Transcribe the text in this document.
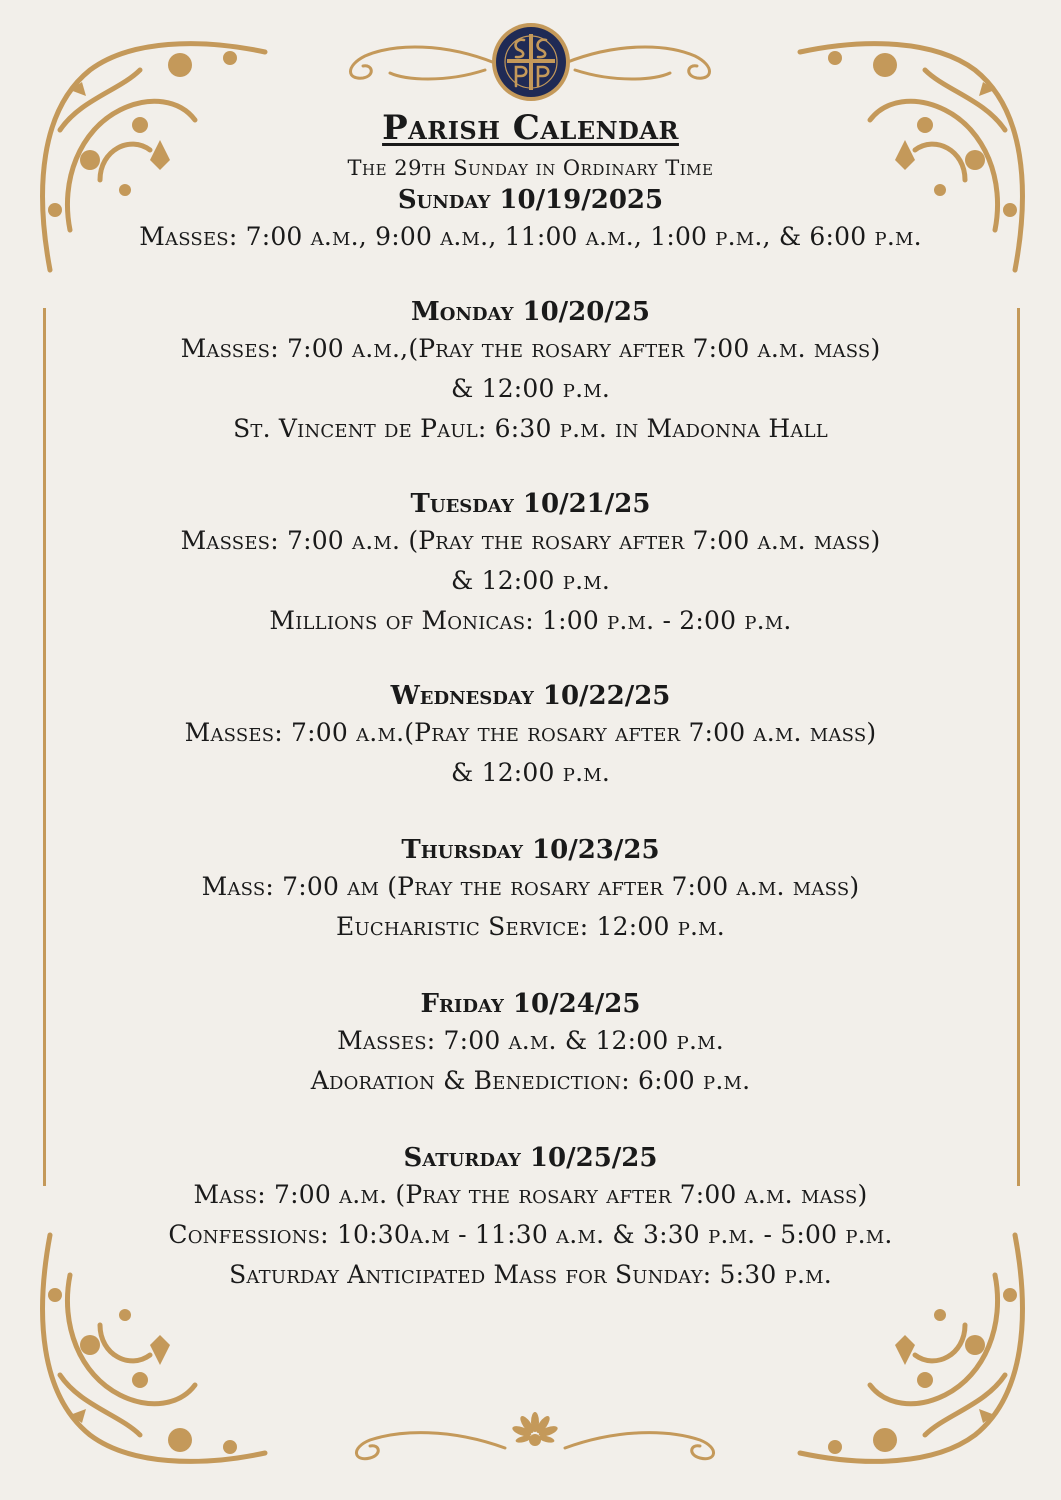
Parish Calendar
The 29th Sunday in Ordinary Time
Sunday 10/19/2025
Masses: 7:00 a.m., 9:00 a.m., 11:00 a.m., 1:00 p.m., & 6:00 p.m.
Monday 10/20/25
Masses: 7:00 a.m.,(Pray the rosary after 7:00 a.m. mass)
& 12:00 p.m.
St. Vincent de Paul: 6:30 p.m. in Madonna Hall
Tuesday 10/21/25
Masses: 7:00 a.m. (Pray the rosary after 7:00 a.m. mass)
& 12:00 p.m.
Millions of Monicas: 1:00 p.m. - 2:00 p.m.
Wednesday 10/22/25
Masses: 7:00 a.m.(Pray the rosary after 7:00 a.m. mass)
& 12:00 p.m.
Thursday 10/23/25
Mass: 7:00 am (Pray the rosary after 7:00 a.m. mass)
Eucharistic Service: 12:00 p.m.
Friday 10/24/25
Masses: 7:00 a.m. & 12:00 p.m.
Adoration & Benediction: 6:00 p.m.
Saturday 10/25/25
Mass: 7:00 a.m. (Pray the rosary after 7:00 a.m. mass)
Confessions: 10:30a.m - 11:30 a.m. & 3:30 p.m. - 5:00 p.m.
Saturday Anticipated Mass for Sunday: 5:30 p.m.
